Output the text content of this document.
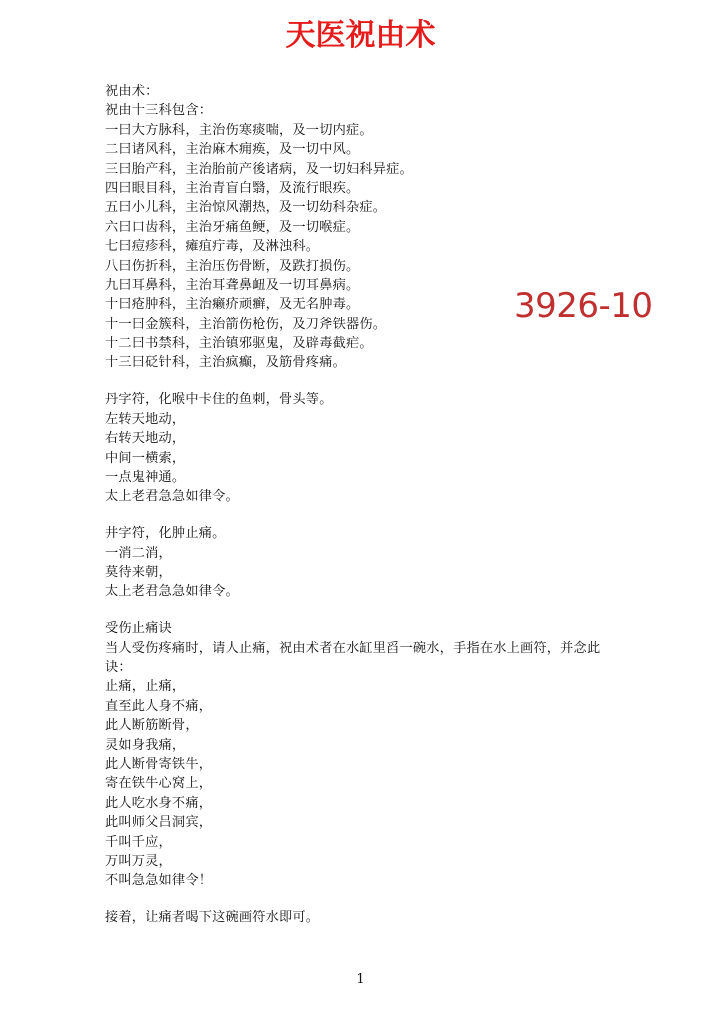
天医祝由术
祝由术：
祝由十三科包含：
一曰大方脉科，主治伤寒痰喘，及一切内症。
二曰诸风科，主治麻木痈痪，及一切中风。
三曰胎产科，主治胎前产後诸病，及一切妇科异症。
四曰眼目科，主治青盲白翳，及流行眼疾。
五曰小儿科，主治惊风潮热，及一切幼科杂症。
六曰口齿科，主治牙痛鱼鲠，及一切喉症。
七曰痘疹科，瘫疽疔毒，及淋浊科。
八曰伤折科，主治压伤骨断，及跌打损伤。
九曰耳鼻科，主治耳聋鼻衄及一切耳鼻病。
十曰疮肿科，主治癞疥顽癣，及无名肿毒。
十一曰金簇科，主治箭伤枪伤，及刀斧铁器伤。
十二曰书禁科，主治镇邪驱鬼，及辟毒截疟。
十三曰砭针科，主治疯癫，及筋骨疼痛。
丹字符，化喉中卡住的鱼刺，骨头等。
左转天地动，
右转天地动，
中间一横索，
一点鬼神通。
太上老君急急如律令。
井字符，化肿止痛。
一消二消，
莫待来朝，
太上老君急急如律令。
受伤止痛诀
当人受伤疼痛时，请人止痛，祝由术者在水缸里舀一碗水，手指在水上画符，并念此诀：
止痛，止痛，
直至此人身不痛，
此人断筋断骨，
灵如身我痛，
此人断骨寄铁牛，
寄在铁牛心窝上，
此人吃水身不痛，
此叫师父吕洞宾，
千叫千应，
万叫万灵，
不叫急急如律令！
接着，让痛者喝下这碗画符水即可。
3926-10
1
